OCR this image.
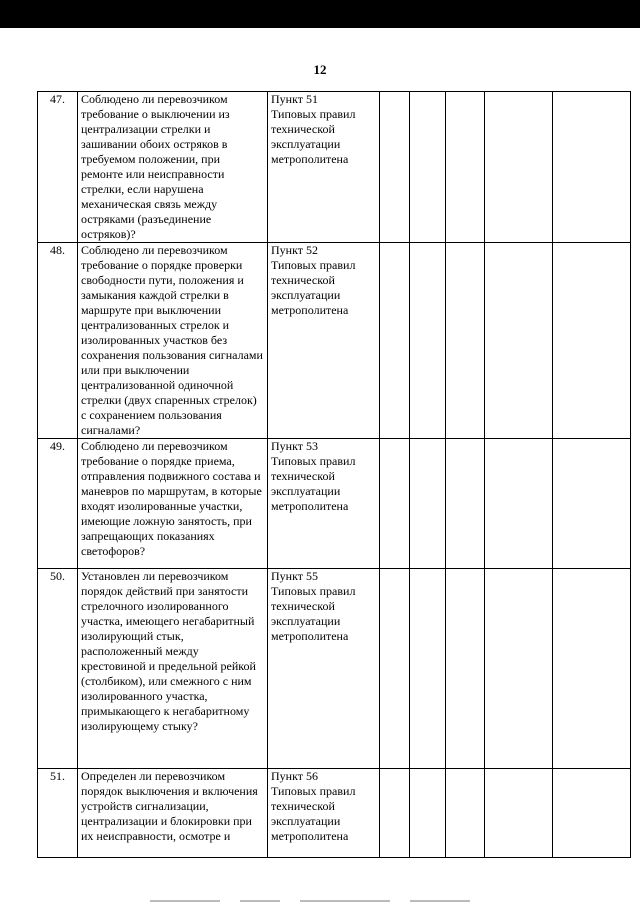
12
47.	Соблюдено ли перевозчиком требование о выключении из централизации стрелки и зашивании обоих остряков в требуемом положении, при ремонте или неисправности стрелки, если нарушена механическая связь между остряками (разъединение остряков)?	Пункт 51
Типовых правил технической эксплуатации метрополитена					
48.	Соблюдено ли перевозчиком требование о порядке проверки свободности пути, положения и замыкания каждой стрелки в маршруте при выключении централизованных стрелок и изолированных участков без сохранения пользования сигналами или при выключении централизованной одиночной стрелки (двух спаренных стрелок) с сохранением пользования сигналами?	Пункт 52
Типовых правил технической эксплуатации метрополитена					
49.	Соблюдено ли перевозчиком требование о порядке приема, отправления подвижного состава и маневров по маршрутам, в которые входят изолированные участки, имеющие ложную занятость, при запрещающих показаниях светофоров?	Пункт 53
Типовых правил технической эксплуатации метрополитена					
50.	Установлен ли перевозчиком порядок действий при занятости стрелочного изолированного участка, имеющего негабаритный изолирующий стык, расположенный между крестовиной и предельной рейкой (столбиком), или смежного с ним изолированного участка, примыкающего к негабаритному изолирующему стыку?	Пункт 55
Типовых правил технической эксплуатации метрополитена					
51.	Определен ли перевозчиком порядок выключения и включения устройств сигнализации, централизации и блокировки при их неисправности, осмотре и	Пункт 56
Типовых правил технической эксплуатации метрополитена					
